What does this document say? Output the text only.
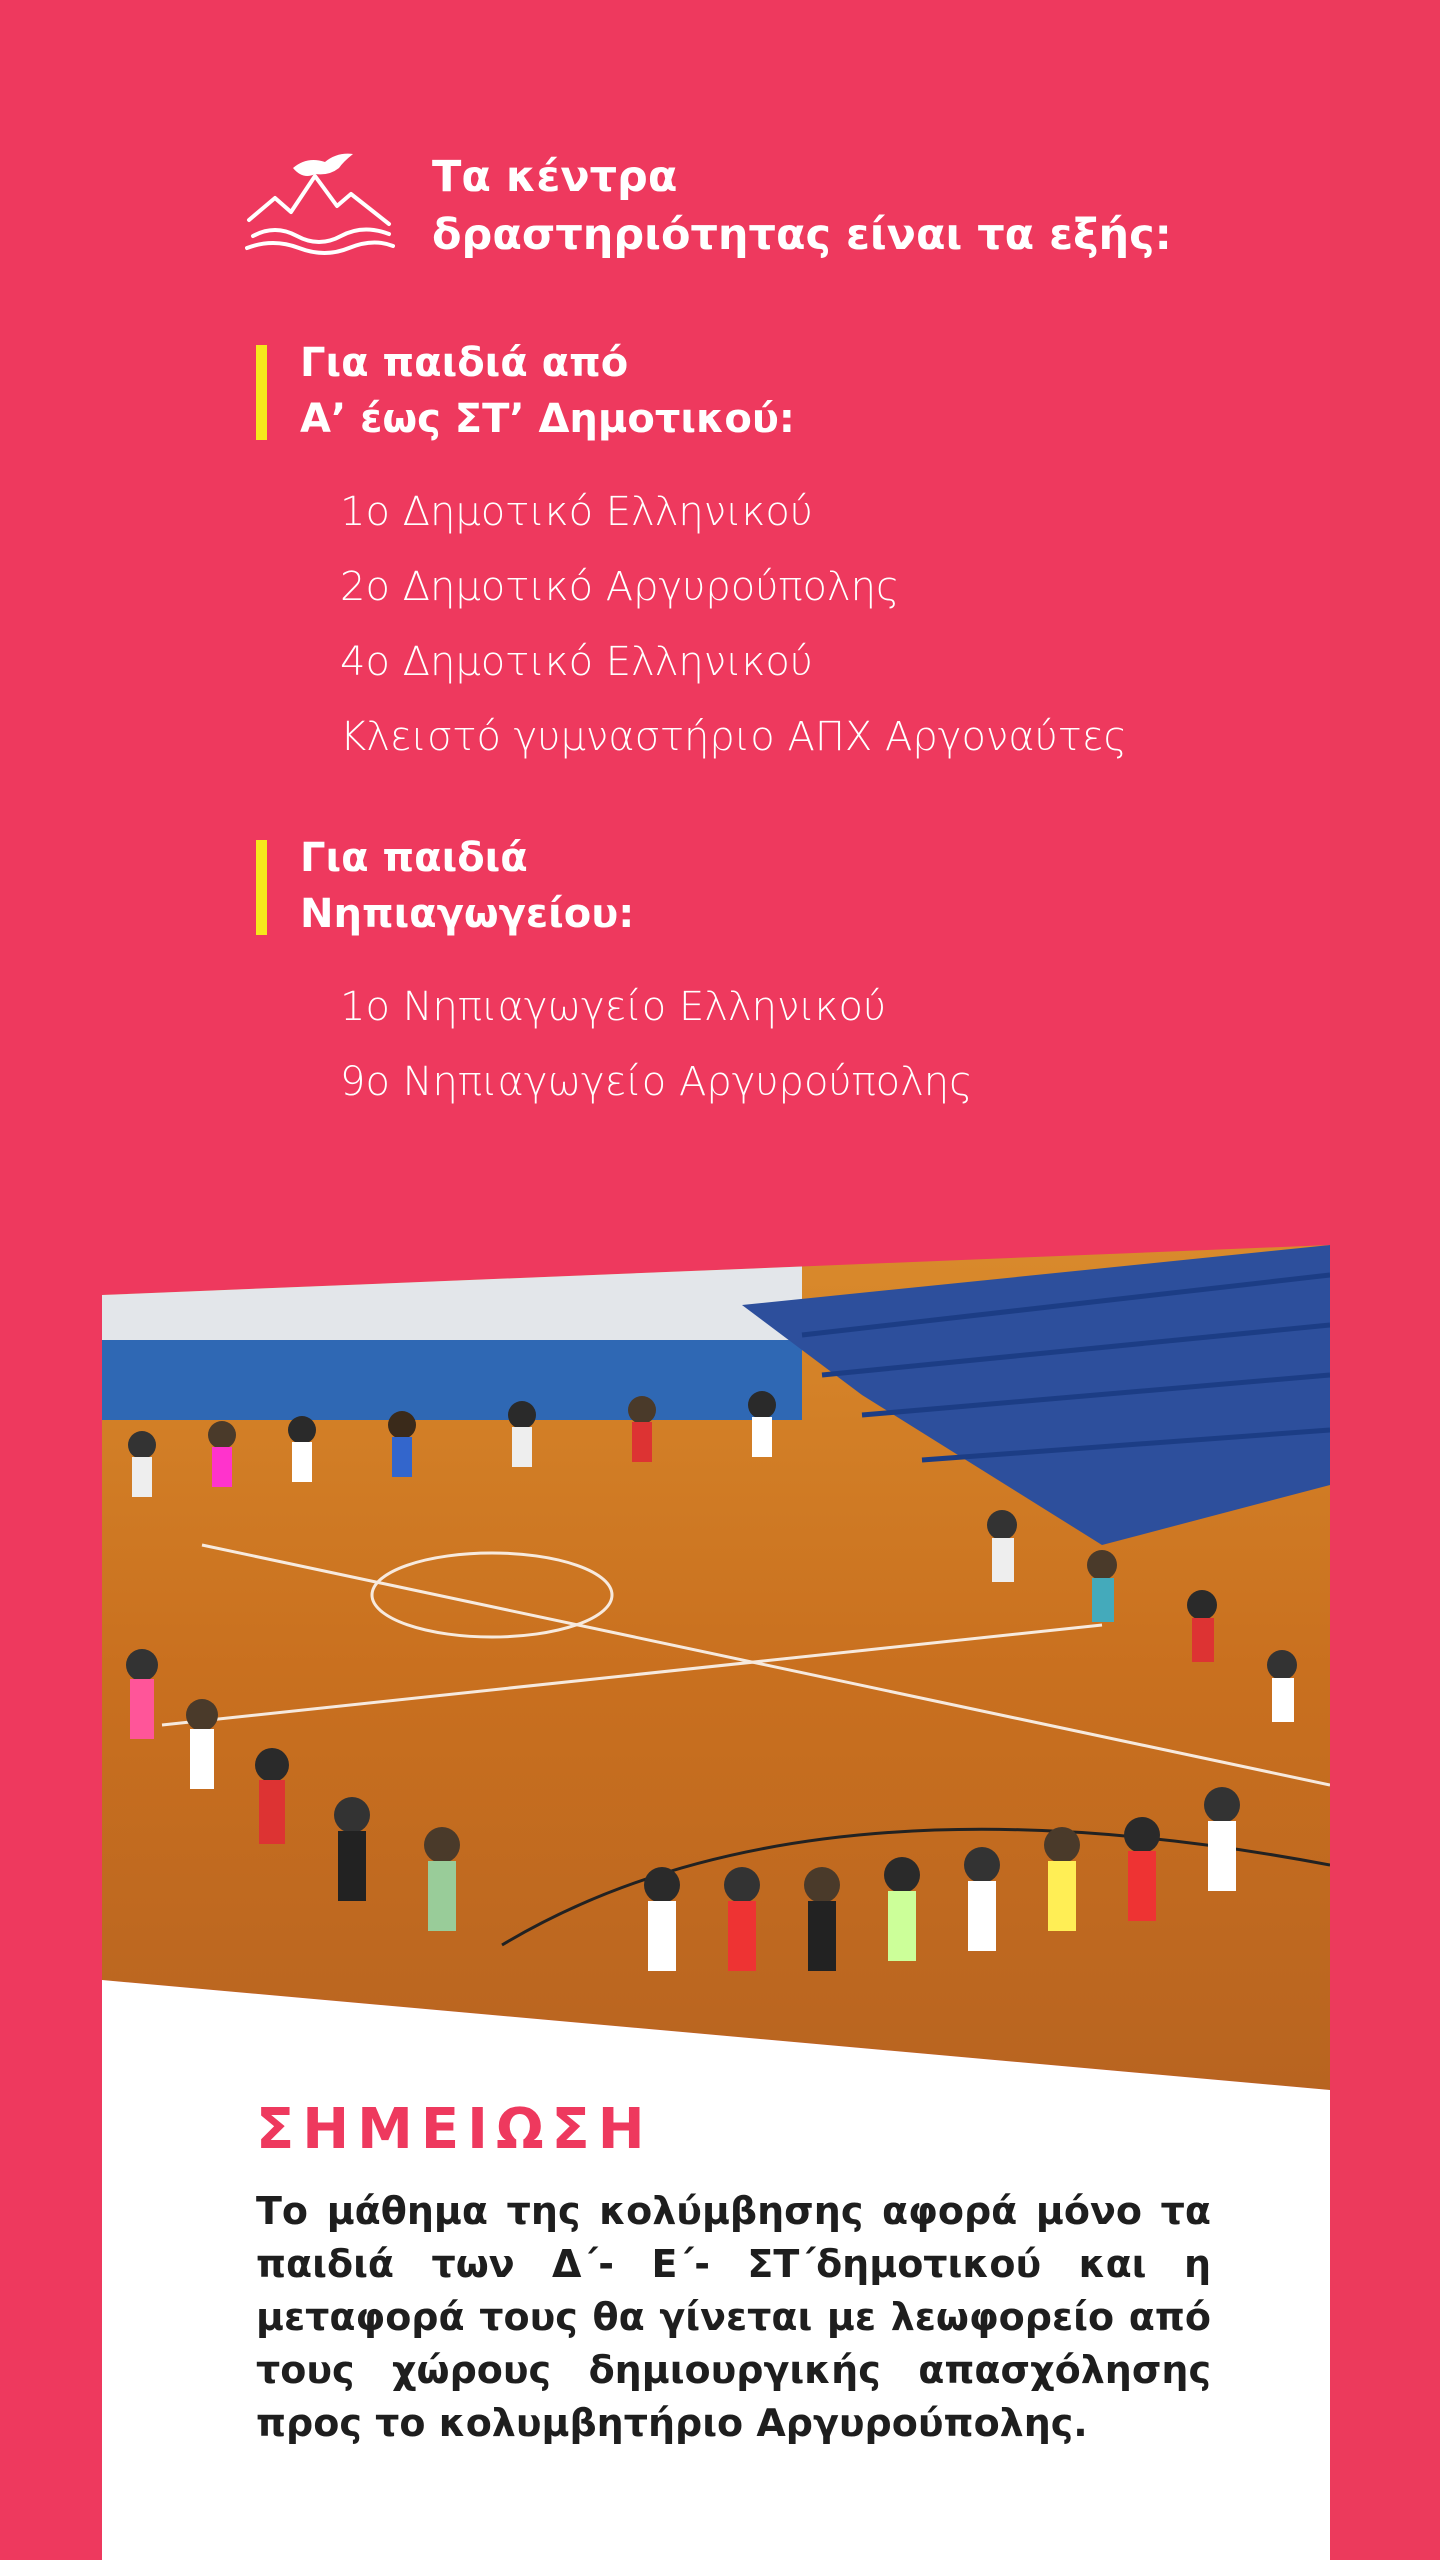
Τα κέντρα
δραστηριότητας είναι τα εξής:
Για παιδιά από
Α’ έως ΣΤ’ Δημοτικού:
1ο Δημοτικό Ελληνικού
2ο Δημοτικό Αργυρούπολης
4ο Δημοτικό Ελληνικού
Κλειστό γυμναστήριο ΑΠΧ Αργοναύτες
Για παιδιά
Νηπιαγωγείου:
1ο Νηπιαγωγείο Ελληνικού
9ο Νηπιαγωγείο Αργυρούπολης
ΣΗΜΕΙΩΣΗ

Το μάθημα της κολύμβησης αφορά μόνο τα παιδιά των Δ΄- Ε΄- ΣΤ΄δημοτικού και η μεταφορά τους θα γίνεται με λεωφορείο από τους χώρους δημιουργικής απασχόλησης προς το κολυμβητήριο Αργυρούπολης.
